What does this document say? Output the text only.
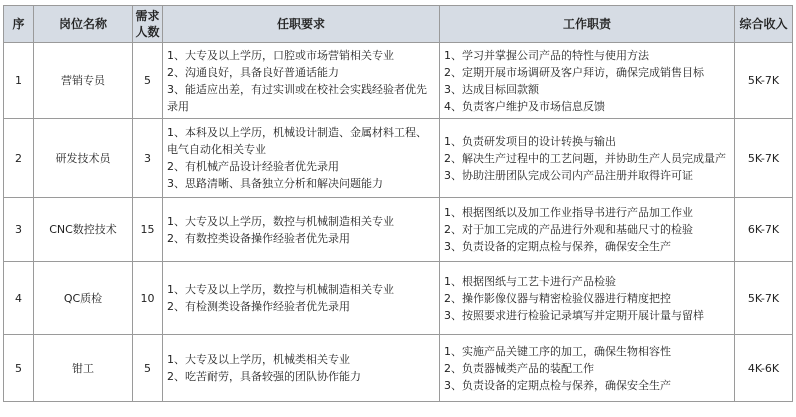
序	岗位名称	需求人数	任职要求	工作职责	综合收入
1	营销专员	5	1、大专及以上学历，口腔或市场营销相关专业
2、沟通良好，具备良好普通话能力
3、能适应出差，有过实训或在校社会实践经验者优先录用	1、学习并掌握公司产品的特性与使用方法
2、定期开展市场调研及客户拜访，确保完成销售目标
3、达成目标回款额
4、负责客户维护及市场信息反馈	5K-7K
2	研发技术员	3	1、本科及以上学历，机械设计制造、金属材料工程、电气自动化相关专业
2、有机械产品设计经验者优先录用
3、思路清晰、具备独立分析和解决问题能力	1、负责研发项目的设计转换与输出
2、解决生产过程中的工艺问题，并协助生产人员完成量产
3、协助注册团队完成公司内产品注册并取得许可证	5K-7K
3	CNC数控技术	15	1、大专及以上学历，数控与机械制造相关专业
2、有数控类设备操作经验者优先录用	1、根据图纸以及加工作业指导书进行产品加工作业
2、对于加工完成的产品进行外观和基础尺寸的检验
3、负责设备的定期点检与保养，确保安全生产	6K-7K
4	QC质检	10	1、大专及以上学历，数控与机械制造相关专业
2、有检测类设备操作经验者优先录用	1、根据图纸与工艺卡进行产品检验
2、操作影像仪器与精密检验仪器进行精度把控
3、按照要求进行检验记录填写并定期开展计量与留样	5K-7K
5	钳工	5	1、大专及以上学历，机械类相关专业
2、吃苦耐劳，具备较强的团队协作能力	1、实施产品关键工序的加工，确保生物相容性
2、负责器械类产品的装配工作
3、负责设备的定期点检与保养，确保安全生产	4K-6K
